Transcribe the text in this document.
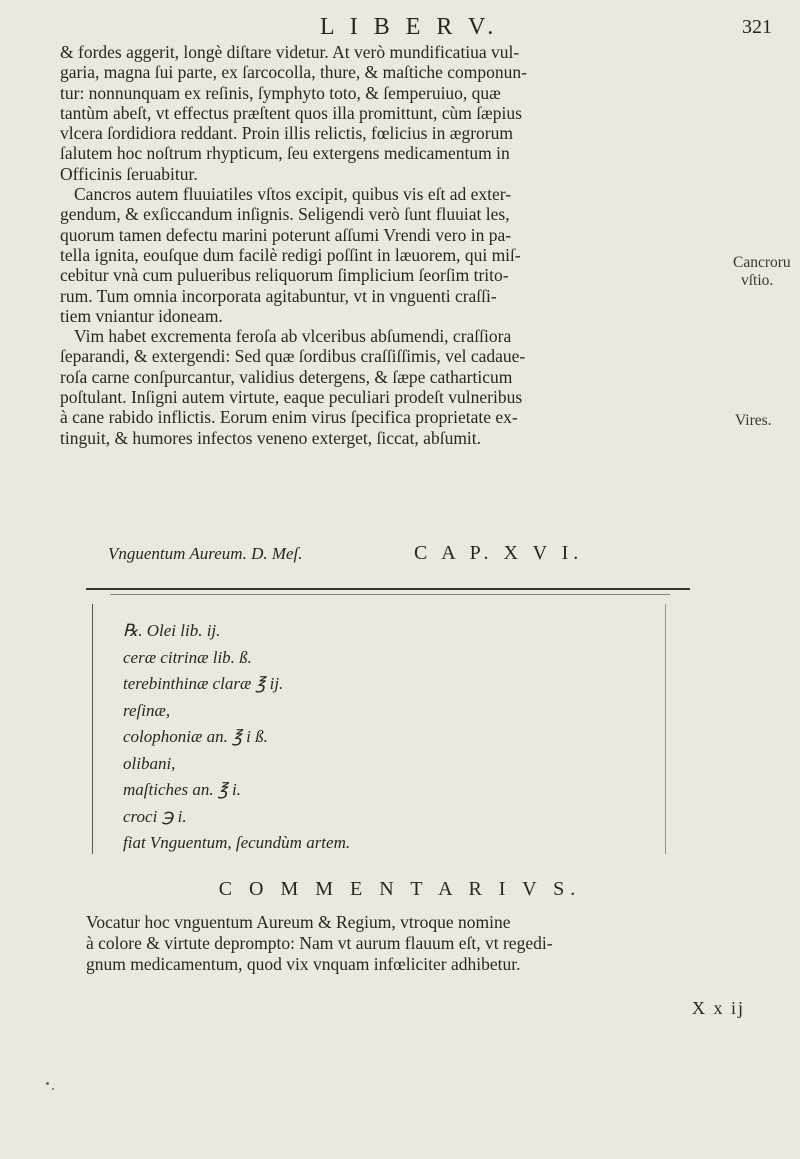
L I B E R V.	321

& fordes aggerit, longè diſtare videtur. At verò mundificatiua vul-
garia, magna ſui parte, ex ſarcocolla, thure, & maſtiche componun-
tur: nonnunquam ex reſinis, ſymphyto toto, & ſemperuiuo, quæ
tantùm abeſt, vt effectus præſtent quos illa promittunt, cùm ſæpius
vlcera ſordidiora reddant. Proin illis relictis, fœlicius in ægrorum
ſalutem hoc noſtrum rhypticum, ſeu extergens medicamentum in
Officinis ſeruabitur.

Cancros autem fluuiatiles vſtos excipit, quibus vis eſt ad exter-
gendum, & exſiccandum inſignis. Seligendi verò ſunt fluuiat les,
quorum tamen defectu marini poterunt aſſumi Vrendi vero in pa-
tella ignita, eouſque dum facilè redigi poſſint in læuorem, qui miſ-
cebitur vnà cum pulueribus reliquorum ſimplicium ſeorſim trito-
rum. Tum omnia incorporata agitabuntur, vt in vnguenti craſſi-
tiem vniantur idoneam.

Vim habet excrementa feroſa ab vlceribus abſumendi, craſſiora
ſeparandi, & extergendi: Sed quæ ſordibus craſſiſſimis, vel cadaue-
roſa carne conſpurcantur, validius detergens, & ſæpe catharticum
poſtulant. Inſigni autem virtute, eaque peculiari prodeſt vulneribus
à cane rabido inflictis. Eorum enim virus ſpecifica proprietate ex-
tinguit, & humores infectos veneno exterget, ſiccat, abſumit.

Cancroru
vſtio.
Vires.
Vnguentum Aureum. D. Meſ.	C A P. X V I.
℞. Olei lib. ij.
ceræ citrinæ lib. ß.
terebinthinæ claræ ℥ ij.
reſinæ,
colophoniæ an. ℥ i ß.
olibani,
maſtiches an. ℥ i.
croci ℈ i.
fiat Vnguentum, ſecundùm artem.
C O M M E N T A R I V S.

Vocatur hoc vnguentum Aureum & Regium, vtroque nomine
à colore & virtute deprompto: Nam vt aurum flauum eſt, vt regedi-
gnum medicamentum, quod vix vnquam infœliciter adhibetur.

X x ij
